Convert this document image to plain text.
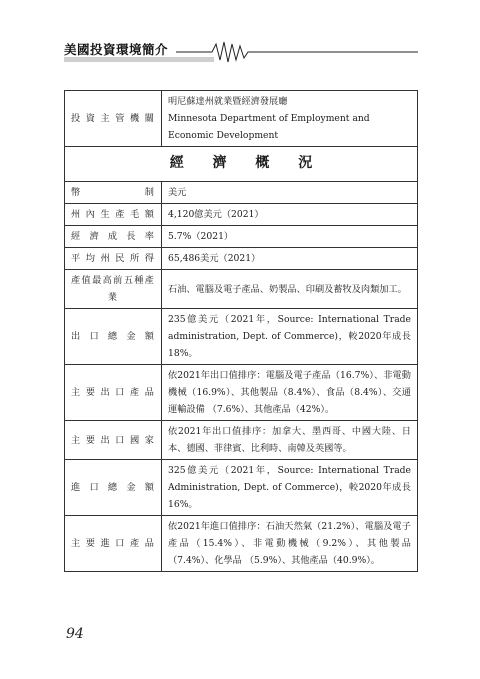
美國投資環境簡介
投 資 主 管 機 關	明尼蘇達州就業暨經濟發展廳
Minnesota Department of Employment and Economic Development

經 濟 概 況	
幣 制	美元
州 內 生 產 毛 額	4,120億美元（2021）
經 濟 成 長 率	5.7%（2021）
平 均 州 民 所 得	65,486美元（2021）
產值最高前五種產業	石油、電腦及電子產品、奶製品、印刷及蓄牧及肉類加工。
出 口 總 金 額	235億美元（2021年，Source: International Trade administration, Dept. of Commerce)，較2020年成長18%。
主 要 出 口 產 品	依2021年出口值排序：電腦及電子產品（16.7%）、非電動機械（16.9%）、其他製品（8.4%）、食品（8.4%）、交通運輸設備 （7.6%）、其他產品（42%）。
主 要 出 口 國 家	依2021年出口值排序：加拿大、墨西哥、中國大陸、日本、德國、菲律賓、比利時、南韓及英國等。
進 口 總 金 額	325億美元（2021年，Source: International Trade Administration, Dept. of Commerce)，較2020年成長16%。
主 要 進 口 產 品	依2021年進口值排序：石油天然氣（21.2%）、電腦及電子產品（15.4%）、非電動機械（9.2%）、其他製品（7.4%）、化學品 （5.9%）、其他產品（40.9%）。
94
